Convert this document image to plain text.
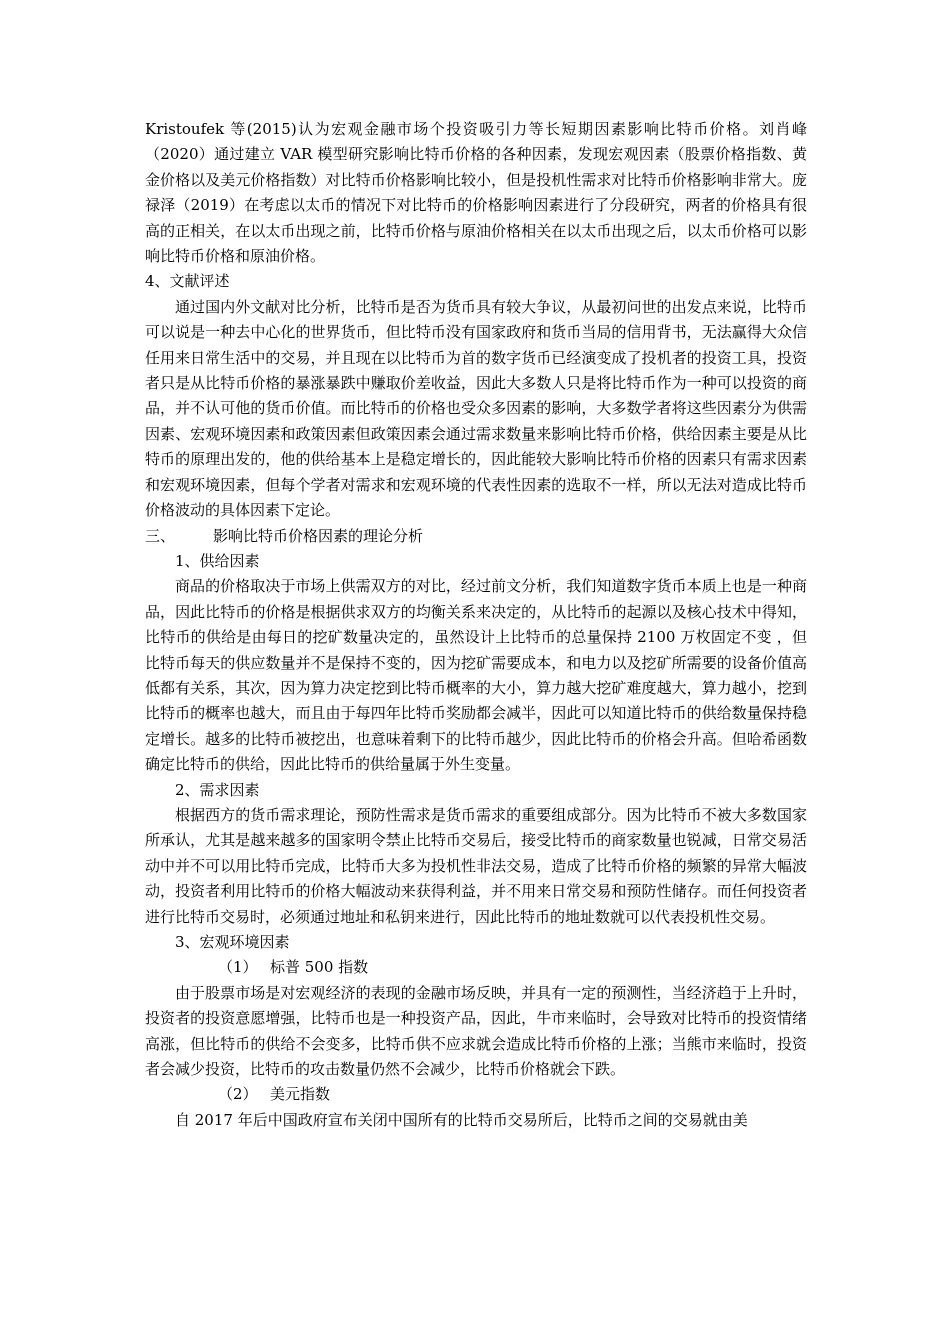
Kristoufek 等(2015)认为宏观金融市场个投资吸引力等长短期因素影响比特币价格。刘肖峰（2020）通过建立 VAR 模型研究影响比特币价格的各种因素，发现宏观因素（股票价格指数、黄金价格以及美元价格指数）对比特币价格影响比较小，但是投机性需求对比特币价格影响非常大。庞禄泽（2019）在考虑以太币的情况下对比特币的价格影响因素进行了分段研究，两者的价格具有很高的正相关，在以太币出现之前，比特币价格与原油价格相关在以太币出现之后，以太币价格可以影响比特币价格和原油价格。

4、文献评述

通过国内外文献对比分析，比特币是否为货币具有较大争议，从最初问世的出发点来说，比特币可以说是一种去中心化的世界货币，但比特币没有国家政府和货币当局的信用背书，无法赢得大众信任用来日常生活中的交易，并且现在以比特币为首的数字货币已经演变成了投机者的投资工具，投资者只是从比特币价格的暴涨暴跌中赚取价差收益，因此大多数人只是将比特币作为一种可以投资的商品，并不认可他的货币价值。而比特币的价格也受众多因素的影响，大多数学者将这些因素分为供需因素、宏观环境因素和政策因素但政策因素会通过需求数量来影响比特币价格，供给因素主要是从比特币的原理出发的，他的供给基本上是稳定增长的，因此能较大影响比特币价格的因素只有需求因素和宏观环境因素，但每个学者对需求和宏观环境的代表性因素的选取不一样，所以无法对造成比特币价格波动的具体因素下定论。

三、	影响比特币价格因素的理论分析

1、供给因素

商品的价格取决于市场上供需双方的对比，经过前文分析，我们知道数字货币本质上也是一种商品，因此比特币的价格是根据供求双方的均衡关系来决定的，从比特币的起源以及核心技术中得知，比特币的供给是由每日的挖矿数量决定的，虽然设计上比特币的总量保持 2100 万枚固定不变 ，但比特币每天的供应数量并不是保持不变的，因为挖矿需要成本，和电力以及挖矿所需要的设备价值高低都有关系，其次，因为算力决定挖到比特币概率的大小，算力越大挖矿难度越大，算力越小，挖到比特币的概率也越大，而且由于每四年比特币奖励都会减半，因此可以知道比特币的供给数量保持稳定增长。越多的比特币被挖出，也意味着剩下的比特币越少，因此比特币的价格会升高。但哈希函数确定比特币的供给，因此比特币的供给量属于外生变量。

2、需求因素

根据西方的货币需求理论，预防性需求是货币需求的重要组成部分。因为比特币不被大多数国家所承认，尤其是越来越多的国家明令禁止比特币交易后，接受比特币的商家数量也锐减，日常交易活动中并不可以用比特币完成，比特币大多为投机性非法交易，造成了比特币价格的频繁的异常大幅波动，投资者利用比特币的价格大幅波动来获得利益，并不用来日常交易和预防性储存。而任何投资者进行比特币交易时，必须通过地址和私钥来进行，因此比特币的地址数就可以代表投机性交易。

3、宏观环境因素

（1） 标普 500 指数

由于股票市场是对宏观经济的表现的金融市场反映，并具有一定的预测性，当经济趋于上升时，投资者的投资意愿增强，比特币也是一种投资产品，因此，牛市来临时，会导致对比特币的投资情绪高涨，但比特币的供给不会变多，比特币供不应求就会造成比特币价格的上涨；当熊市来临时，投资者会减少投资，比特币的攻击数量仍然不会减少，比特币价格就会下跌。

（2） 美元指数

自 2017 年后中国政府宣布关闭中国所有的比特币交易所后，比特币之间的交易就由美
